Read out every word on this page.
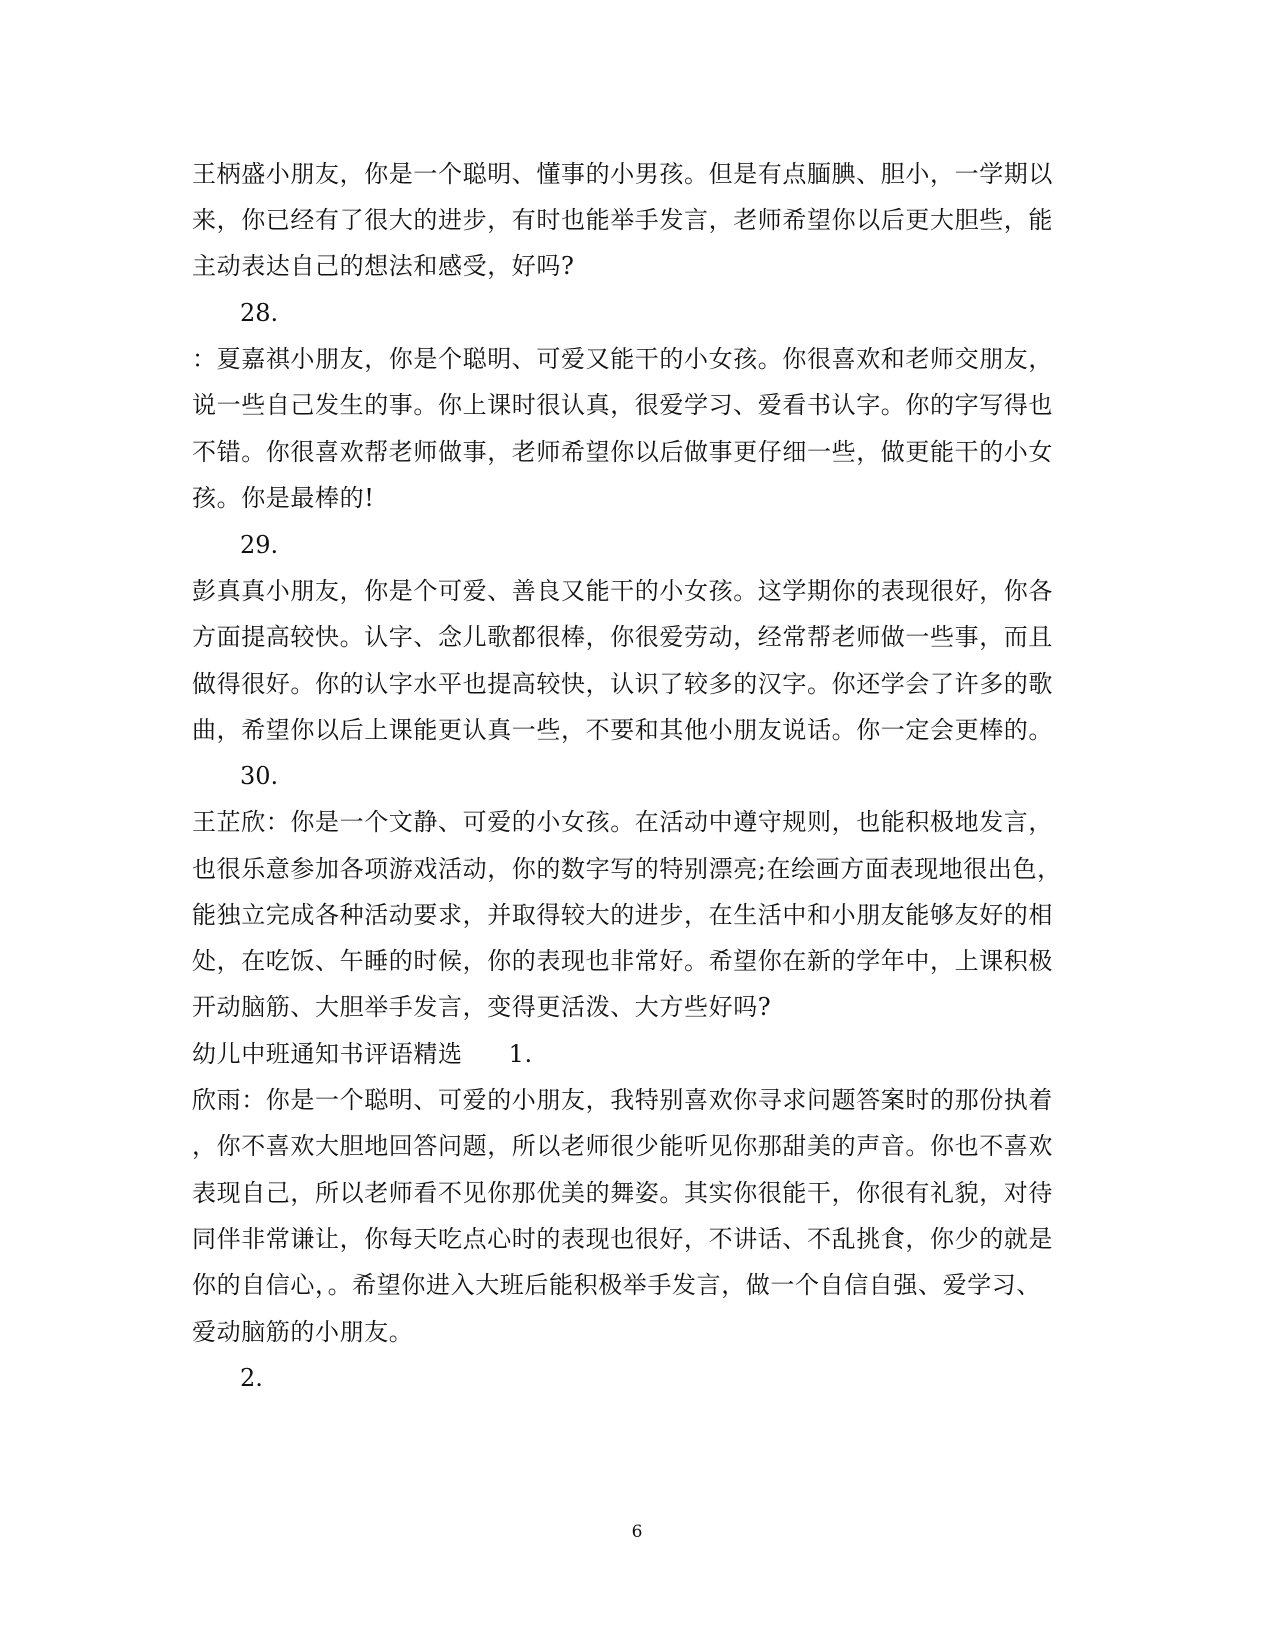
王柄盛小朋友，你是一个聪明、懂事的小男孩。但是有点腼腆、胆小，一学期以
来，你已经有了很大的进步，有时也能举手发言，老师希望你以后更大胆些，能
主动表达自己的想法和感受，好吗?
28.
：夏嘉祺小朋友，你是个聪明、可爱又能干的小女孩。你很喜欢和老师交朋友，
说一些自己发生的事。你上课时很认真，很爱学习、爱看书认字。你的字写得也
不错。你很喜欢帮老师做事，老师希望你以后做事更仔细一些，做更能干的小女
孩。你是最棒的!
29.
彭真真小朋友，你是个可爱、善良又能干的小女孩。这学期你的表现很好，你各
方面提高较快。认字、念儿歌都很棒，你很爱劳动，经常帮老师做一些事，而且
做得很好。你的认字水平也提高较快，认识了较多的汉字。你还学会了许多的歌
曲，希望你以后上课能更认真一些，不要和其他小朋友说话。你一定会更棒的。
30.
王芷欣：你是一个文静、可爱的小女孩。在活动中遵守规则，也能积极地发言，
也很乐意参加各项游戏活动，你的数字写的特别漂亮;在绘画方面表现地很出色，
能独立完成各种活动要求，并取得较大的进步，在生活中和小朋友能够友好的相
处，在吃饭、午睡的时候，你的表现也非常好。希望你在新的学年中，上课积极
开动脑筋、大胆举手发言，变得更活泼、大方些好吗?
幼儿中班通知书评语精选 1.
欣雨：你是一个聪明、可爱的小朋友，我特别喜欢你寻求问题答案时的那份执着
，你不喜欢大胆地回答问题，所以老师很少能听见你那甜美的声音。你也不喜欢
表现自己，所以老师看不见你那优美的舞姿。其实你很能干，你很有礼貌，对待
同伴非常谦让，你每天吃点心时的表现也很好，不讲话、不乱挑食，你少的就是
你的自信心，。希望你进入大班后能积极举手发言，做一个自信自强、爱学习、
爱动脑筋的小朋友。
2.
6
